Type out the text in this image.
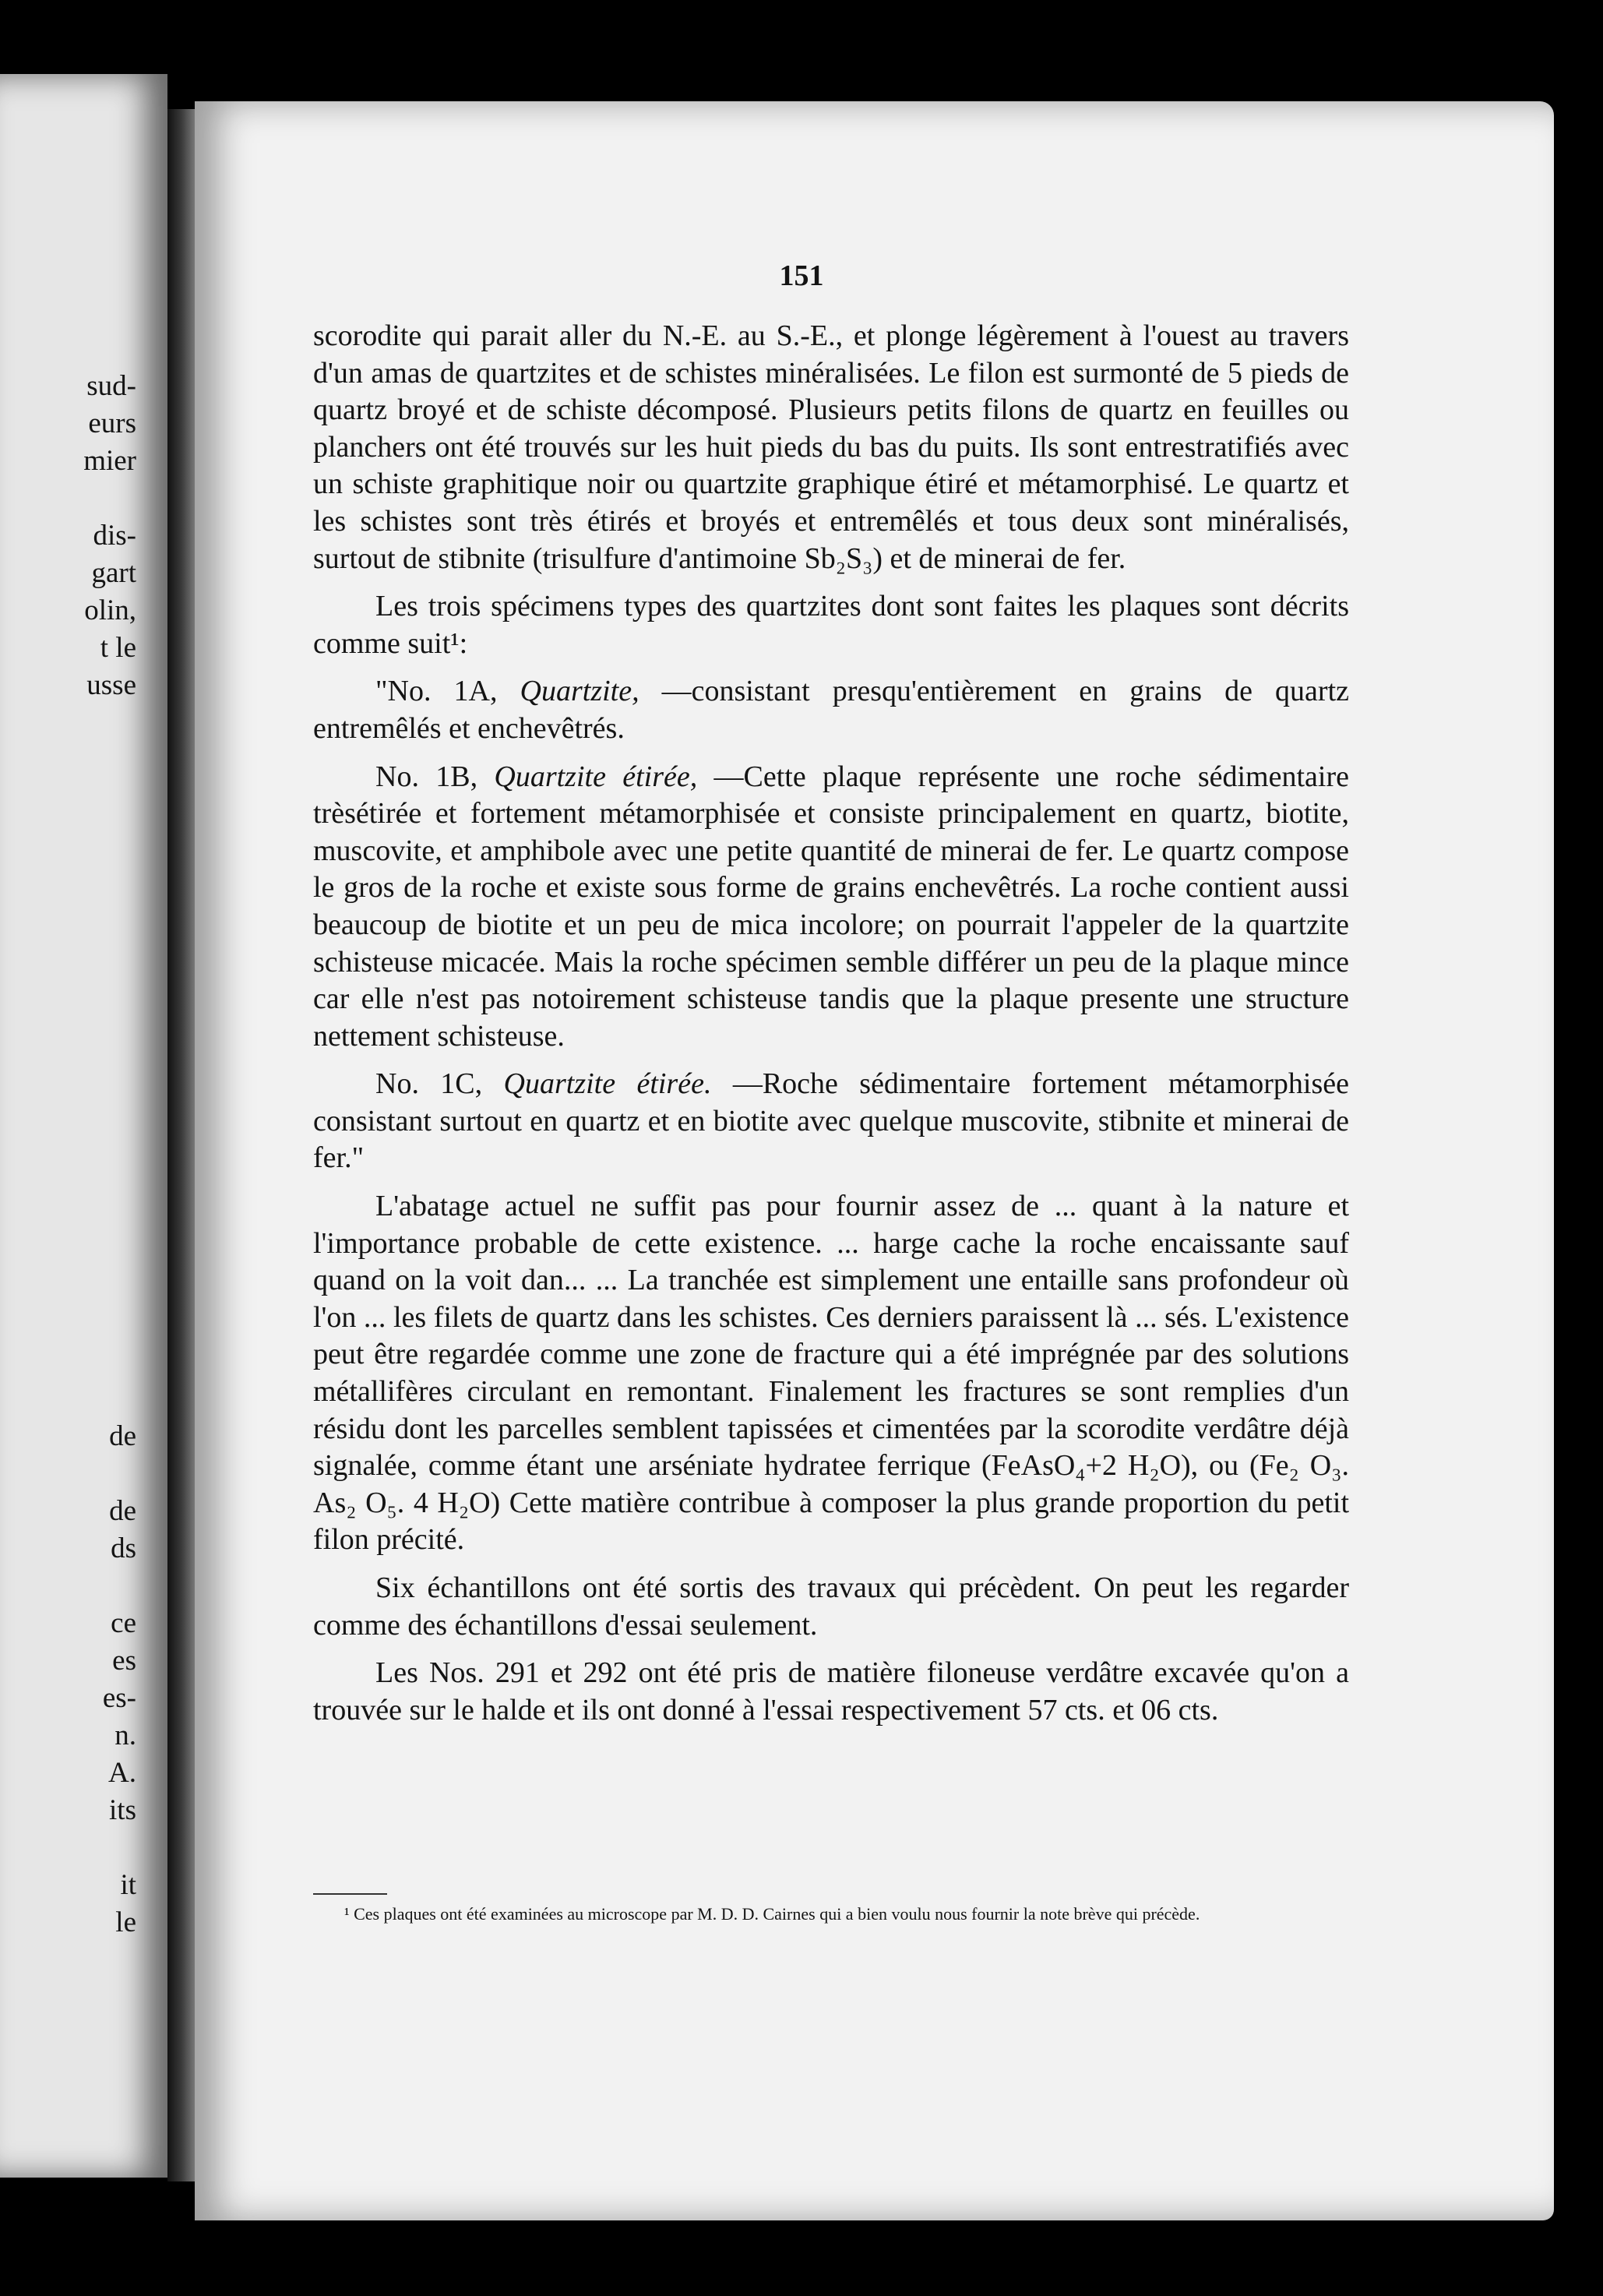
sud-
eurs
mier
dis-
gart
olin,
t le
usse
de
de
ds
ce
es
es-
n.
A.
its
it
le
151

scorodite qui parait aller du N.-E. au S.-E., et plonge légèrement à l'ouest au travers d'un amas de quartzites et de schistes minéralisées. Le filon est surmonté de 5 pieds de quartz broyé et de schiste décomposé. Plusieurs petits filons de quartz en feuilles ou planchers ont été trouvés sur les huit pieds du bas du puits. Ils sont entrestratifiés avec un schiste graphitique noir ou quartzite graphique étiré et métamorphisé. Le quartz et les schistes sont très étirés et broyés et entremêlés et tous deux sont minéralisés, surtout de stibnite (trisulfure d'antimoine Sb₂S₃) et de minerai de fer.

Les trois spécimens types des quartzites dont sont faites les plaques sont décrits comme suit¹:

"No. 1A, Quartzite, —consistant presqu'entièrement en grains de quartz entremêlés et enchevêtrés.

No. 1B, Quartzite étirée, —Cette plaque représente une roche sédimentaire trèsétirée et fortement métamorphisée et consiste principalement en quartz, biotite, muscovite, et amphibole avec une petite quantité de minerai de fer. Le quartz compose le gros de la roche et existe sous forme de grains enchevêtrés. La roche contient aussi beaucoup de biotite et un peu de mica incolore; on pourrait l'appeler de la quartzite schisteuse micacée. Mais la roche spécimen semble différer un peu de la plaque mince car elle n'est pas notoirement schisteuse tandis que la plaque presente une structure nettement schisteuse.

No. 1C, Quartzite étirée. —Roche sédimentaire fortement métamorphisée consistant surtout en quartz et en biotite avec quelque muscovite, stibnite et minerai de fer."

L'abatage actuel ne suffit pas pour fournir assez de ... quant à la nature et l'importance probable de cette existence. ... harge cache la roche encaissante sauf quand on la voit dan... ... La tranchée est simplement une entaille sans profondeur où l'on ... les filets de quartz dans les schistes. Ces derniers paraissent là ... sés. L'existence peut être regardée comme une zone de fracture qui a été imprégnée par des solutions métallifères circulant en remontant. Finalement les fractures se sont remplies d'un résidu dont les parcelles semblent tapissées et cimentées par la scorodite verdâtre déjà signalée, comme étant une arséniate hydratee ferrique (FeAsO₄+2 H₂O), ou (Fe₂ O₃. As₂ O₅. 4 H₂O) Cette matière contribue à composer la plus grande proportion du petit filon précité.

Six échantillons ont été sortis des travaux qui précèdent. On peut les regarder comme des échantillons d'essai seulement.

Les Nos. 291 et 292 ont été pris de matière filoneuse verdâtre excavée qu'on a trouvée sur le halde et ils ont donné à l'essai respectivement 57 cts. et 06 cts.

¹ Ces plaques ont été examinées au microscope par M. D. D. Cairnes qui a bien voulu nous fournir la note brève qui précède.
